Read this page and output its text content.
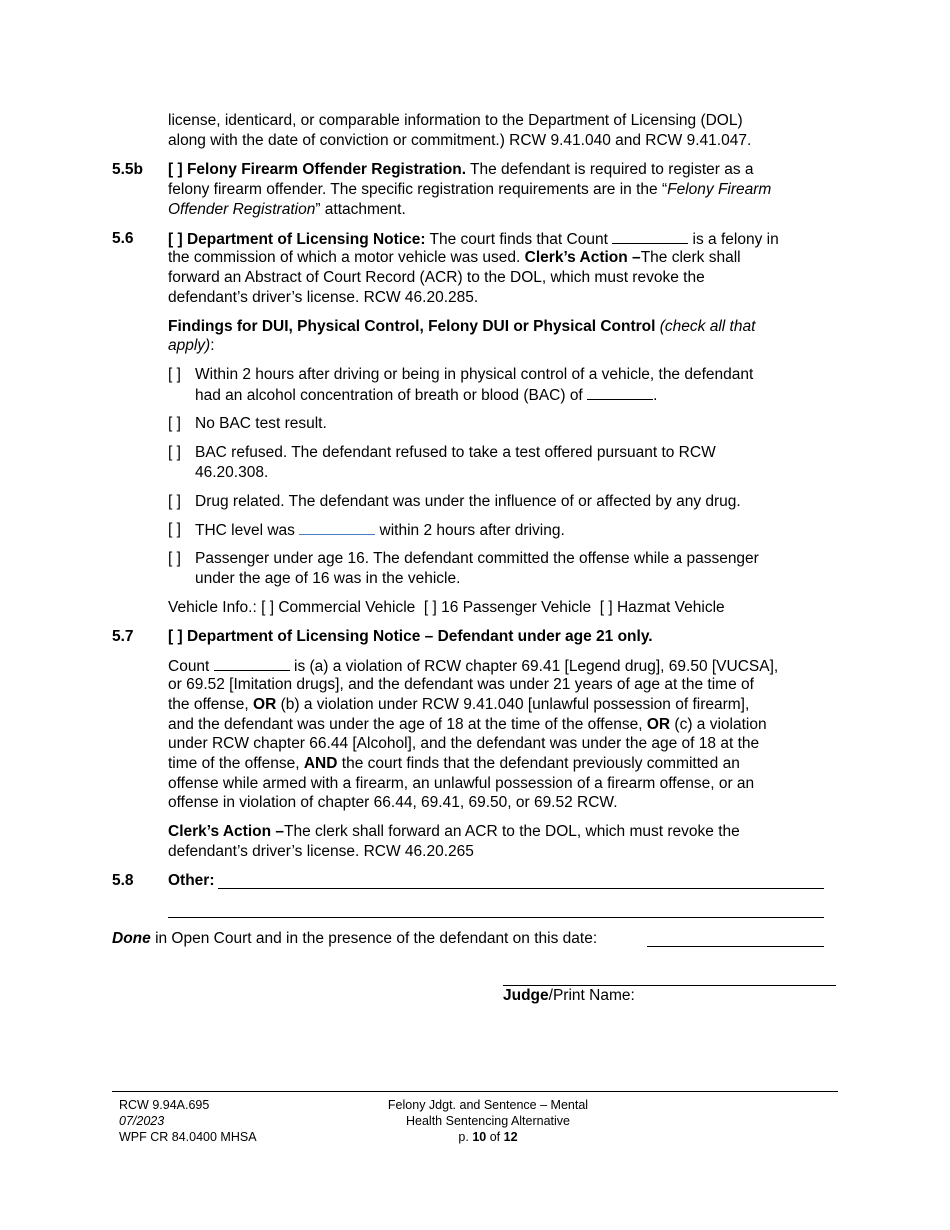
license, identicard, or comparable information to the Department of Licensing (DOL)
along with the date of conviction or commitment.) RCW 9.41.040 and RCW 9.41.047.
5.5b [ ] Felony Firearm Offender Registration. The defendant is required to register as a
felony firearm offender. The specific registration requirements are in the “Felony Firearm
Offender Registration” attachment.
5.6 [ ] Department of Licensing Notice: The court finds that Count	is a felony in
the commission of which a motor vehicle was used. Clerk’s Action –The clerk shall
forward an Abstract of Court Record (ACR) to the DOL, which must revoke the
defendant’s driver’s license. RCW 46.20.285.
Findings for DUI, Physical Control, Felony DUI or Physical Control (check all that
apply):
[ ] Within 2 hours after driving or being in physical control of a vehicle, the defendant
had an alcohol concentration of breath or blood (BAC) of	.
[ ] No BAC test result.
[ ] BAC refused. The defendant refused to take a test offered pursuant to RCW
46.20.308.
[ ] Drug related. The defendant was under the influence of or affected by any drug.
[ ] THC level was	within 2 hours after driving.
[ ] Passenger under age 16. The defendant committed the offense while a passenger
under the age of 16 was in the vehicle.
Vehicle Info.: [ ] Commercial Vehicle [ ] 16 Passenger Vehicle [ ] Hazmat Vehicle
5.7 [ ] Department of Licensing Notice – Defendant under age 21 only.
Count	is (a) a violation of RCW chapter 69.41 [Legend drug], 69.50 [VUCSA],
or 69.52 [Imitation drugs], and the defendant was under 21 years of age at the time of
the offense, OR (b) a violation under RCW 9.41.040 [unlawful possession of firearm],
and the defendant was under the age of 18 at the time of the offense, OR (c) a violation
under RCW chapter 66.44 [Alcohol], and the defendant was under the age of 18 at the
time of the offense, AND the court finds that the defendant previously committed an
offense while armed with a firearm, an unlawful possession of a firearm offense, or an
offense in violation of chapter 66.44, 69.41, 69.50, or 69.52 RCW.
Clerk’s Action –The clerk shall forward an ACR to the DOL, which must revoke the
defendant’s driver’s license. RCW 46.20.265
5.8 Other:
Done in Open Court and in the presence of the defendant on this date:
Judge/Print Name:
RCW 9.94A.695
07/2023
WPF CR 84.0400 MHSA
Felony Jdgt. and Sentence – Mental
Health Sentencing Alternative
p. 10 of 12
